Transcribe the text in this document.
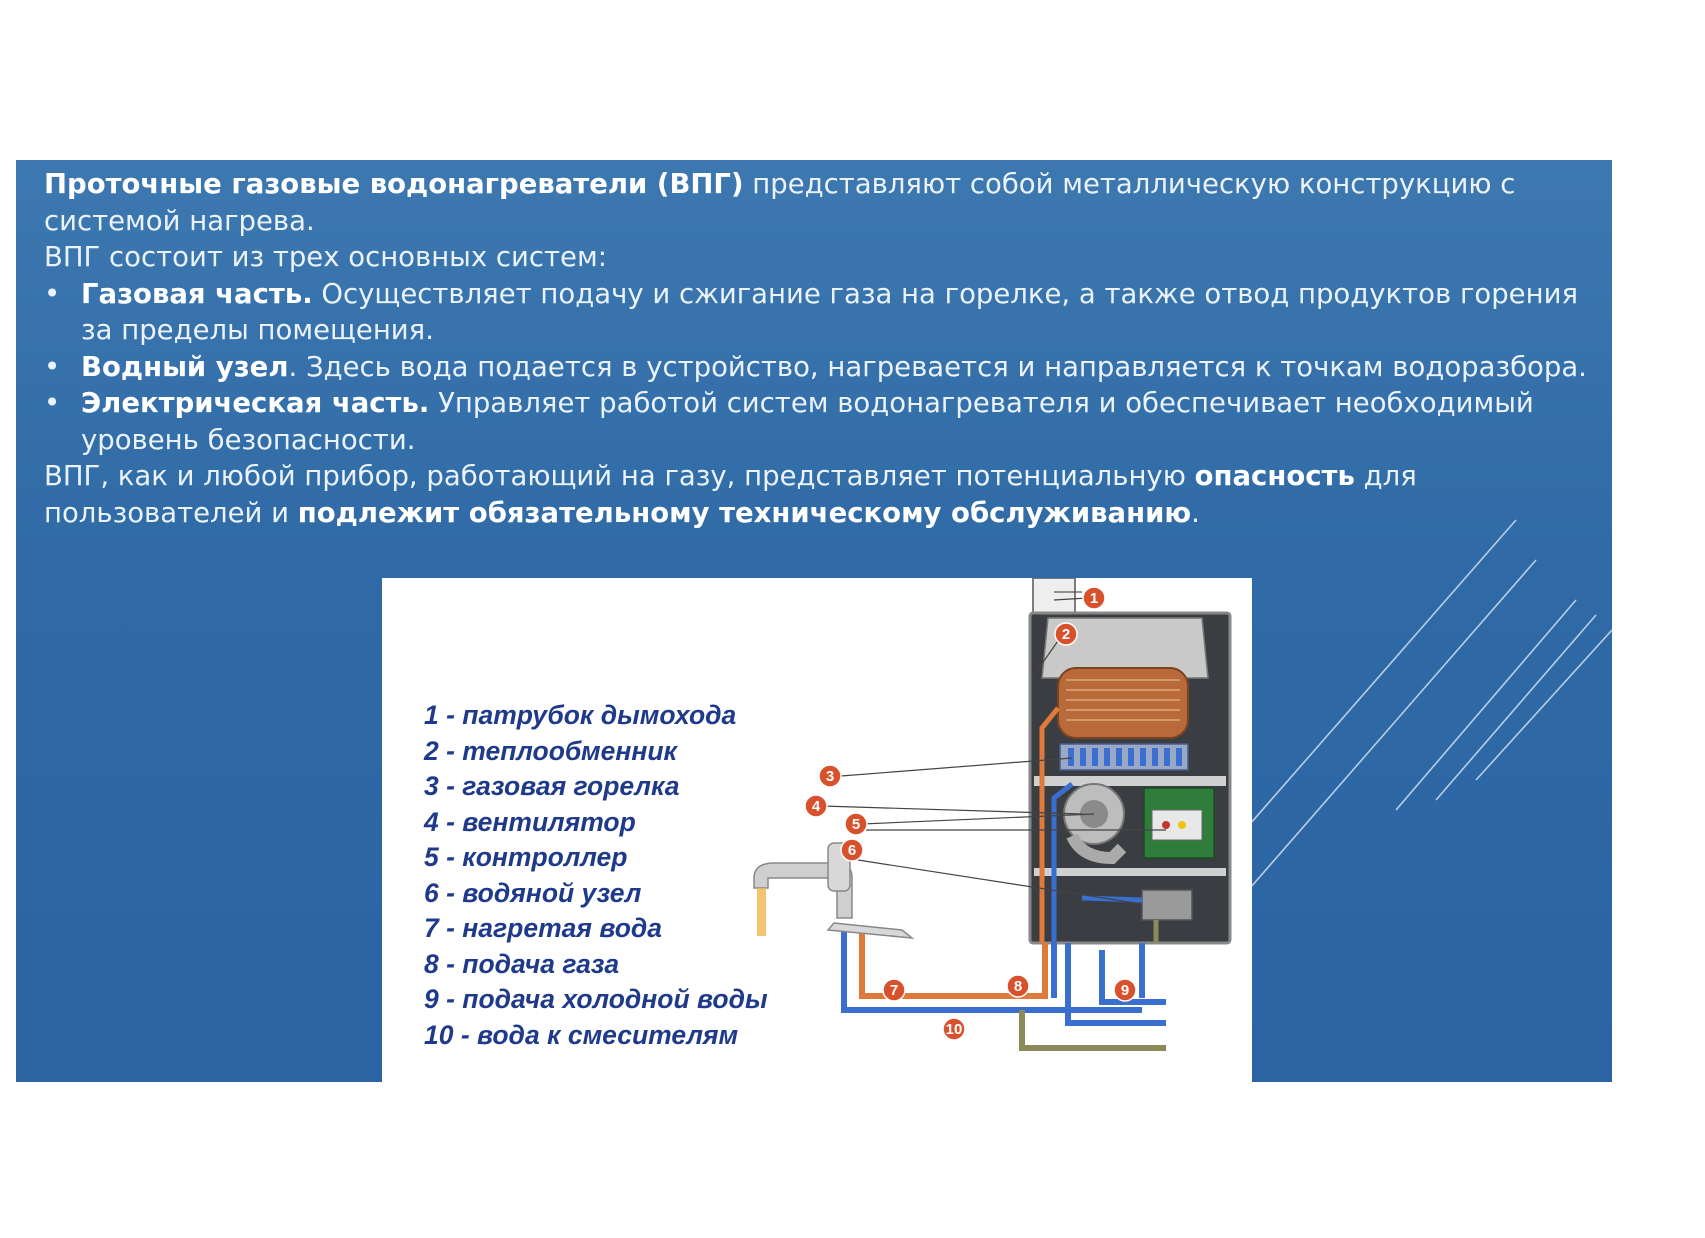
Проточные газовые водонагреватели (ВПГ) представляют собой металлическую конструкцию с системой нагрева.

ВПГ состоит из трех основных систем:

• Газовая часть. Осуществляет подачу и сжигание газа на горелке, а также отвод продуктов горения за пределы помещения.
• Водный узел. Здесь вода подается в устройство, нагревается и направляется к точкам водоразбора.
• Электрическая часть. Управляет работой систем водонагревателя и обеспечивает необходимый уровень безопасности.

ВПГ, как и любой прибор, работающий на газу, представляет потенциальную опасность для пользователей и подлежит обязательному техническому обслуживанию.

1
2
3
4
5
6
7	8	9
10
1 - патрубок дымохода
2 - теплообменник
3 - газовая горелка
4 - вентилятор
5 - контроллер
6 - водяной узел
7 - нагретая вода
8 - подача газа
9 - подача холодной воды
10 - вода к смесителям
